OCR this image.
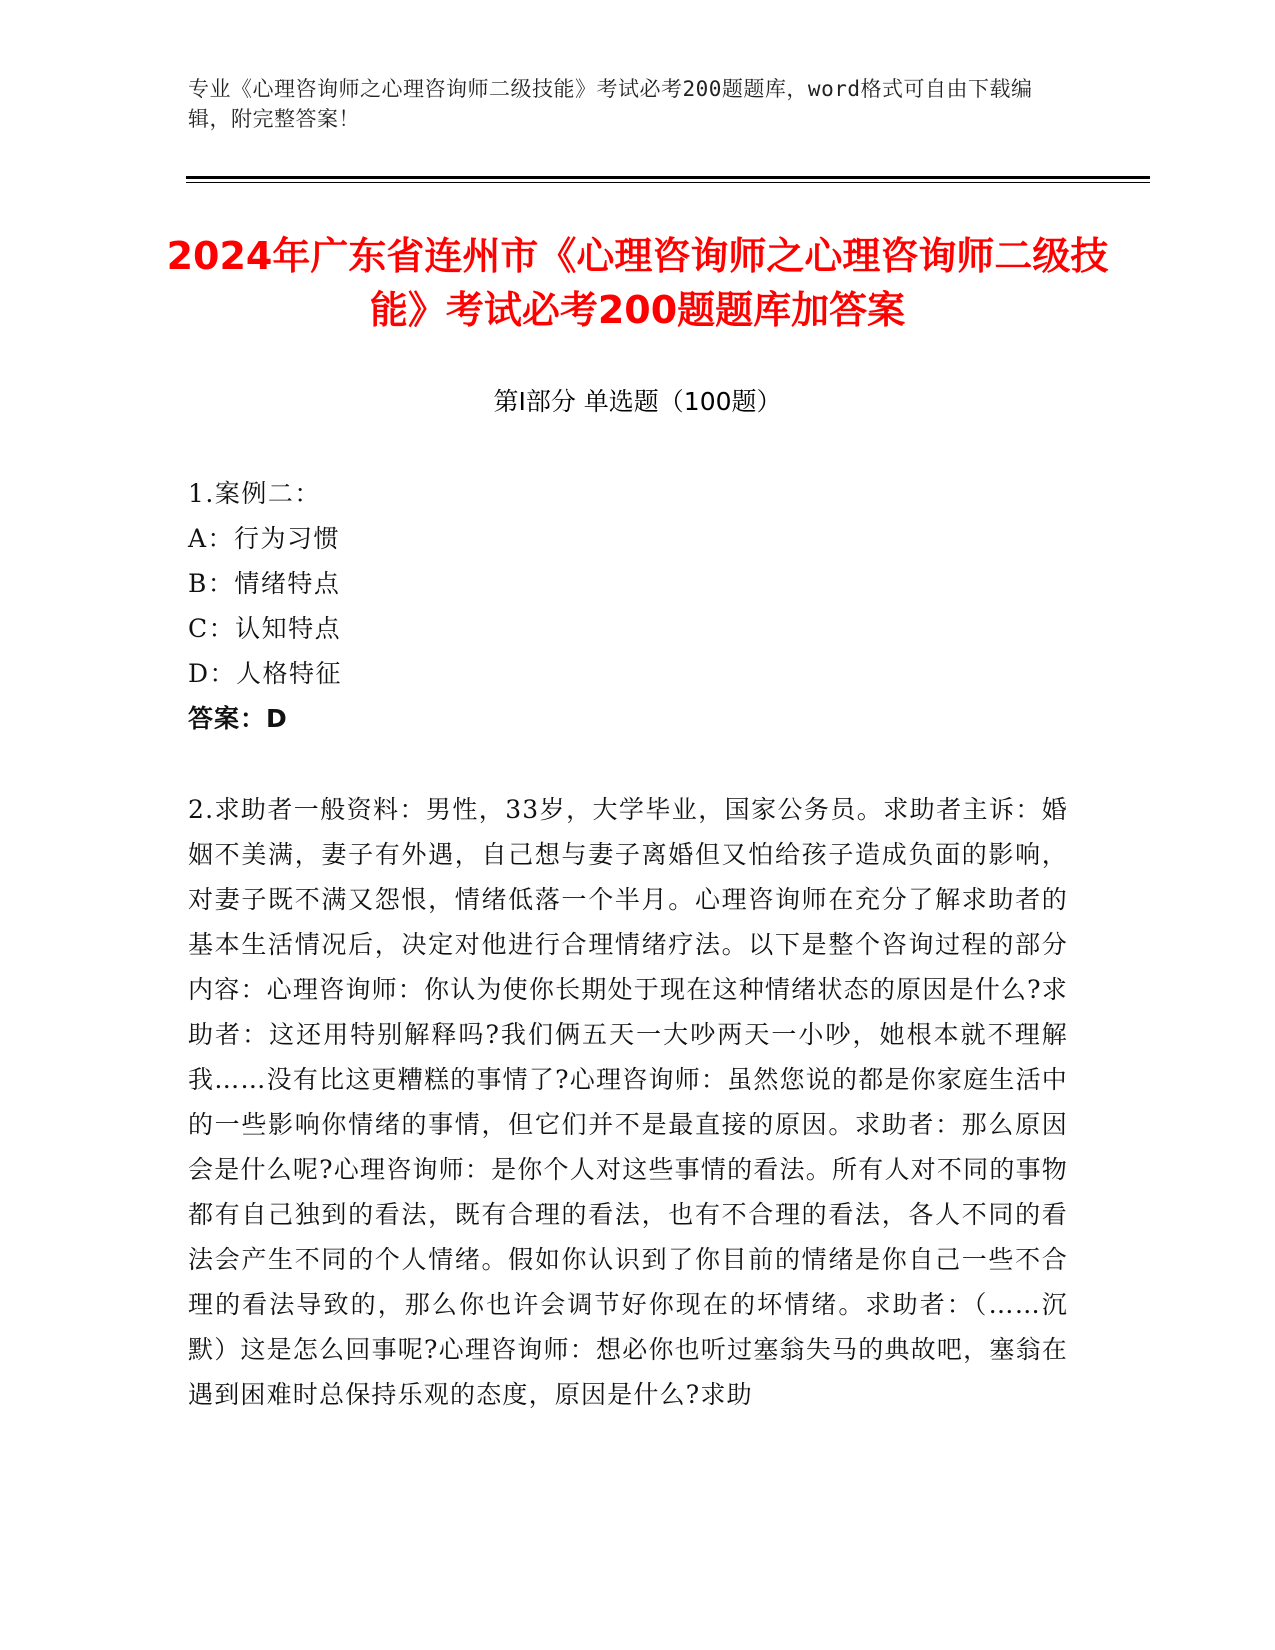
专业《心理咨询师之心理咨询师二级技能》考试必考200题题库，word格式可自由下载编辑，附完整答案！
2024年广东省连州市《心理咨询师之心理咨询师二级技能》考试必考200题题库加答案
第Ⅰ部分 单选题（100题）
1.案例二：
A：行为习惯
B：情绪特点
C：认知特点
D：人格特征
答案：D
2.求助者一般资料：男性，33岁，大学毕业，国家公务员。求助者主诉：婚姻不美满，妻子有外遇，自己想与妻子离婚但又怕给孩子造成负面的影响，对妻子既不满又怨恨，情绪低落一个半月。心理咨询师在充分了解求助者的基本生活情况后，决定对他进行合理情绪疗法。以下是整个咨询过程的部分内容：心理咨询师：你认为使你长期处于现在这种情绪状态的原因是什么?求助者：这还用特别解释吗?我们俩五天一大吵两天一小吵，她根本就不理解我……没有比这更糟糕的事情了?心理咨询师：虽然您说的都是你家庭生活中的一些影响你情绪的事情，但它们并不是最直接的原因。求助者：那么原因会是什么呢?心理咨询师：是你个人对这些事情的看法。所有人对不同的事物都有自己独到的看法，既有合理的看法，也有不合理的看法，各人不同的看法会产生不同的个人情绪。假如你认识到了你目前的情绪是你自己一些不合理的看法导致的，那么你也许会调节好你现在的坏情绪。求助者：（……沉默）这是怎么回事呢?心理咨询师：想必你也听过塞翁失马的典故吧，塞翁在遇到困难时总保持乐观的态度，原因是什么?求助
